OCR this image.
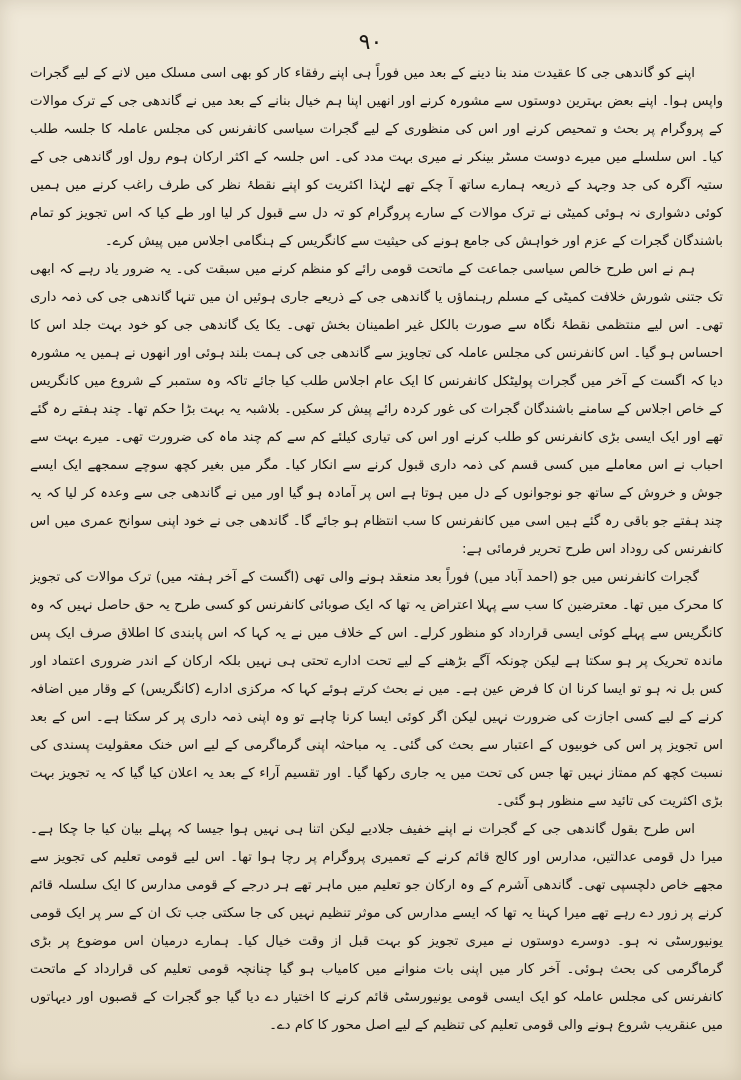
۹۰

اپنے کو گاندھی جی کا عقیدت مند بنا دینے کے بعد میں فوراً ہی اپنے رفقاء کار کو بھی اسی مسلک میں لانے کے لیے گجرات واپس ہوا۔ اپنے بعض بہترین دوستوں سے مشورہ کرنے اور انھیں اپنا ہم خیال بنانے کے بعد میں نے گاندھی جی کے ترک موالات کے پروگرام پر بحث و تمحیص کرنے اور اس کی منظوری کے لیے گجرات سیاسی کانفرنس کی مجلس عاملہ کا جلسہ طلب کیا۔ اس سلسلے میں میرے دوست مسٹر بینکر نے میری بہت مدد کی۔ اس جلسہ کے اکثر ارکان ہوم رول اور گاندھی جی کے ستیہ آگرہ کی جد وجہد کے ذریعہ ہمارے ساتھ آ چکے تھے لہٰذا اکثریت کو اپنے نقطۂ نظر کی طرف راغب کرنے میں ہمیں کوئی دشواری نہ ہوئی کمیٹی نے ترک موالات کے سارے پروگرام کو تہ دل سے قبول کر لیا اور طے کیا کہ اس تجویز کو تمام باشندگان گجرات کے عزم اور خواہش کی جامع ہونے کی حیثیت سے کانگریس کے ہنگامی اجلاس میں پیش کرے۔

ہم نے اس طرح خالص سیاسی جماعت کے ماتحت قومی رائے کو منظم کرنے میں سبقت کی۔ یہ ضرور یاد رہے کہ ابھی تک جتنی شورش خلافت کمیٹی کے مسلم رہنماؤں یا گاندھی جی کے ذریعے جاری ہوئیں ان میں تنہا گاندھی جی کی ذمہ داری تھی۔ اس لیے منتظمی نقطۂ نگاہ سے صورت بالکل غیر اطمینان بخش تھی۔ یکا یک گاندھی جی کو خود بہت جلد اس کا احساس ہو گیا۔ اس کانفرنس کی مجلس عاملہ کی تجاویز سے گاندھی جی کی ہمت بلند ہوئی اور انھوں نے ہمیں یہ مشورہ دیا کہ اگست کے آخر میں گجرات پولیٹکل کانفرنس کا ایک عام اجلاس طلب کیا جائے تاکہ وہ ستمبر کے شروع میں کانگریس کے خاص اجلاس کے سامنے باشندگان گجرات کی غور کردہ رائے پیش کر سکیں۔ بلاشبہ یہ بہت بڑا حکم تھا۔ چند ہفتے رہ گئے تھے اور ایک ایسی بڑی کانفرنس کو طلب کرنے اور اس کی تیاری کیلئے کم سے کم چند ماہ کی ضرورت تھی۔ میرے بہت سے احباب نے اس معاملے میں کسی قسم کی ذمہ داری قبول کرنے سے انکار کیا۔ مگر میں بغیر کچھ سوچے سمجھے ایک ایسے جوش و خروش کے ساتھ جو نوجوانوں کے دل میں ہوتا ہے اس پر آمادہ ہو گیا اور میں نے گاندھی جی سے وعدہ کر لیا کہ یہ چند ہفتے جو باقی رہ گئے ہیں اسی میں کانفرنس کا سب انتظام ہو جائے گا۔ گاندھی جی نے خود اپنی سوانح عمری میں اس کانفرنس کی روداد اس طرح تحریر فرمائی ہے:

گجرات کانفرنس میں جو (احمد آباد میں) فوراً بعد منعقد ہونے والی تھی (اگست کے آخر ہفتہ میں) ترک موالات کی تجویز کا محرک میں تھا۔ معترضین کا سب سے پہلا اعتراض یہ تھا کہ ایک صوبائی کانفرنس کو کسی طرح یہ حق حاصل نہیں کہ وہ کانگریس سے پہلے کوئی ایسی قرارداد کو منظور کرلے۔ اس کے خلاف میں نے یہ کہا کہ اس پابندی کا اطلاق صرف ایک پس ماندہ تحریک پر ہو سکتا ہے لیکن چونکہ آگے بڑھنے کے لیے تحت ادارے تحتی ہی نہیں بلکہ ارکان کے اندر ضروری اعتماد اور کس بل نہ ہو تو ایسا کرنا ان کا فرض عین ہے۔ میں نے بحث کرتے ہوئے کہا کہ مرکزی ادارے (کانگریس) کے وقار میں اضافہ کرنے کے لیے کسی اجازت کی ضرورت نہیں لیکن اگر کوئی ایسا کرنا چاہے تو وہ اپنی ذمہ داری پر کر سکتا ہے۔ اس کے بعد اس تجویز پر اس کی خوبیوں کے اعتبار سے بحث کی گئی۔ یہ مباحثہ اپنی گرماگرمی کے لیے اس خنک معقولیت پسندی کی نسبت کچھ کم ممتاز نہیں تھا جس کی تحت میں یہ جاری رکھا گیا۔ اور تقسیم آراء کے بعد یہ اعلان کیا گیا کہ یہ تجویز بہت بڑی اکثریت کی تائید سے منظور ہو گئی۔

اس طرح بقول گاندھی جی کے گجرات نے اپنے خفیف جلادیے لیکن اتنا ہی نہیں ہوا جیسا کہ پہلے بیان کیا جا چکا ہے۔ میرا دل قومی عدالتیں، مدارس اور کالج قائم کرنے کے تعمیری پروگرام پر رچا ہوا تھا۔ اس لیے قومی تعلیم کی تجویز سے مجھے خاص دلچسپی تھی۔ گاندھی آشرم کے وہ ارکان جو تعلیم میں ماہر تھے ہر درجے کے قومی مدارس کا ایک سلسلہ قائم کرنے پر زور دے رہے تھے میرا کہنا یہ تھا کہ ایسے مدارس کی موثر تنظیم نہیں کی جا سکتی جب تک ان کے سر پر ایک قومی یونیورسٹی نہ ہو۔ دوسرے دوستوں نے میری تجویز کو بہت قبل از وقت خیال کیا۔ ہمارے درمیان اس موضوع پر بڑی گرماگرمی کی بحث ہوئی۔ آخر کار میں اپنی بات منوانے میں کامیاب ہو گیا چنانچہ قومی تعلیم کی قرارداد کے ماتحت کانفرنس کی مجلس عاملہ کو ایک ایسی قومی یونیورسٹی قائم کرنے کا اختیار دے دیا گیا جو گجرات کے قصبوں اور دیہاتوں میں عنقریب شروع ہونے والی قومی تعلیم کی تنظیم کے لیے اصل محور کا کام دے۔
